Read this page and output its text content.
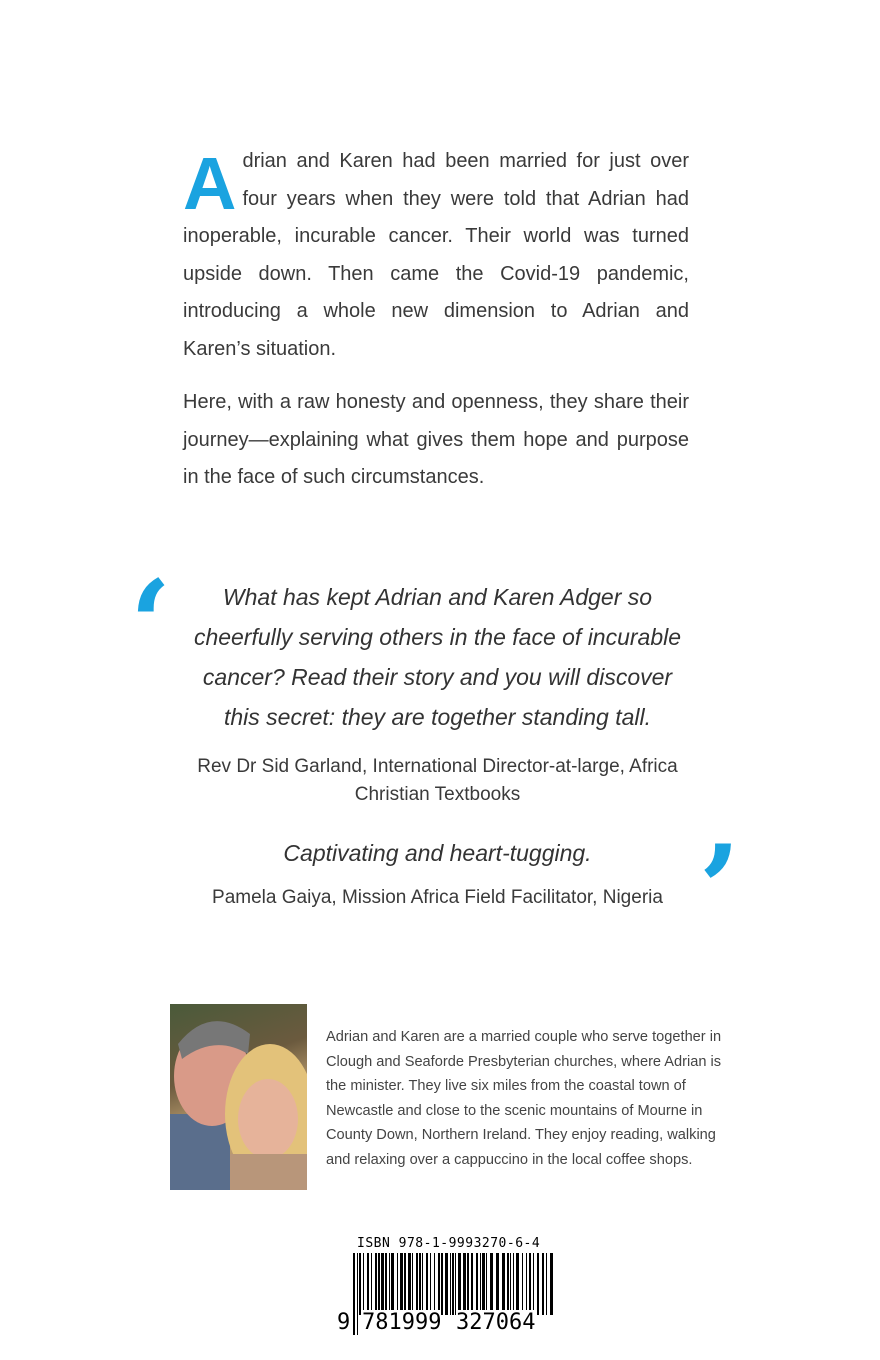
Adrian and Karen had been married for just over four years when they were told that Adrian had inoperable, incurable cancer. Their world was turned upside down. Then came the Covid-19 pandemic, introducing a whole new dimension to Adrian and Karen’s situation.

Here, with a raw honesty and openness, they share their journey—explaining what gives them hope and purpose in the face of such circumstances.

‘	What has kept Adrian and Karen Adger so cheerfully serving others in the face of incurable cancer? Read their story and you will discover this secret: they are together standing tall.
Rev Dr Sid Garland, International Director-at-large, Africa Christian Textbooks
Captivating and heart-tugging.
Pamela Gaiya, Mission Africa Field Facilitator, Nigeria ’
Adrian and Karen are a married couple who serve together in Clough and Seaforde Presbyterian churches, where Adrian is the minister. They live six miles from the coastal town of Newcastle and close to the scenic mountains of Mourne in County Down, Northern Ireland. They enjoy reading, walking and relaxing over a cappuccino in the local coffee shops.
ISBN 978-1-9993270-6-4
9 781999 327064
